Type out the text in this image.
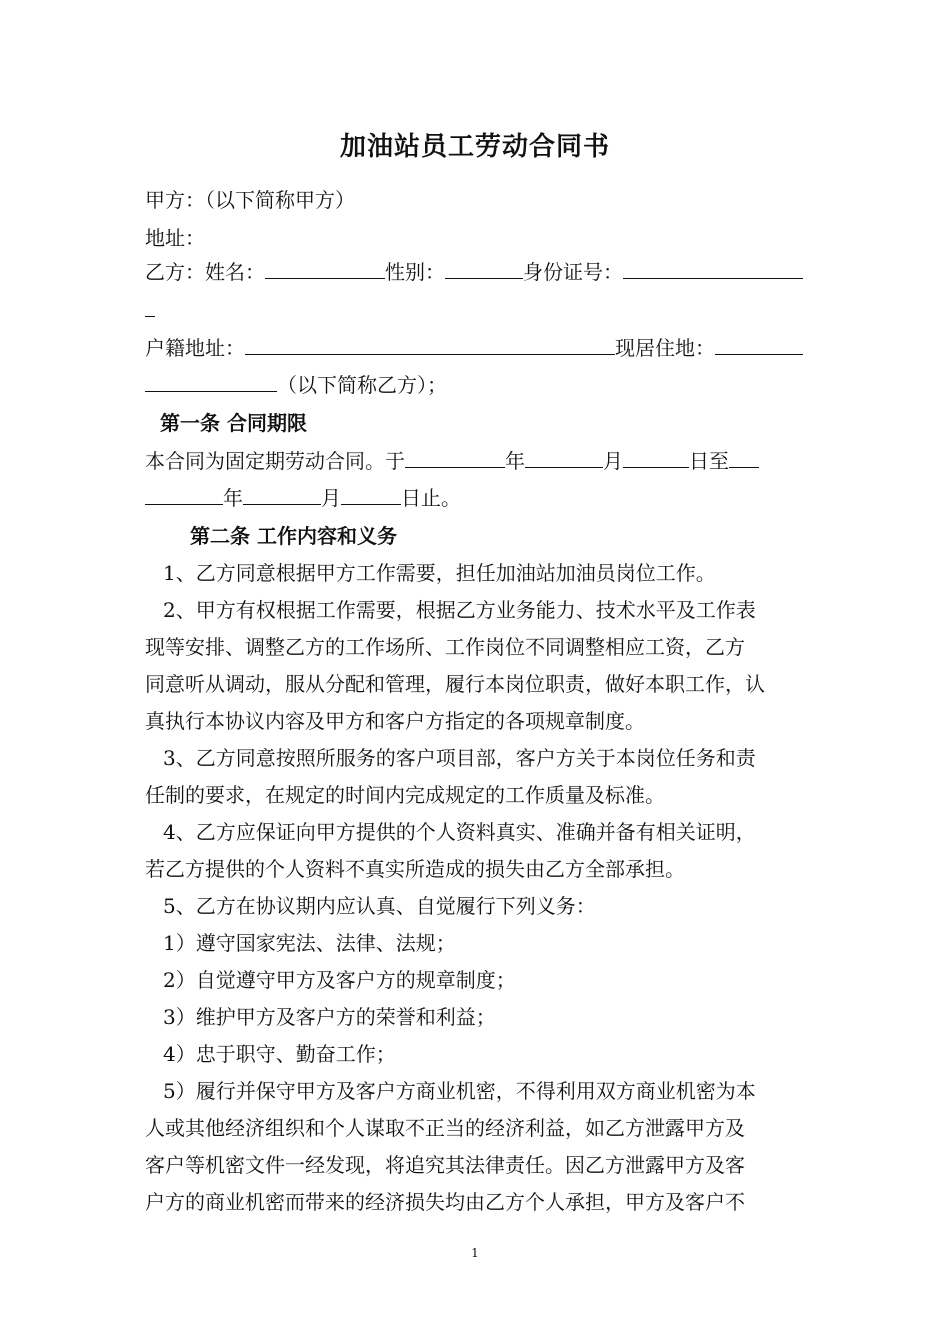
加油站员工劳动合同书
甲方：（以下简称甲方）
地址：
乙方：姓名：	性别：	身份证号：
户籍地址：	现居住地：
（以下简称乙方）；
第一条 合同期限
本合同为固定期劳动合同。于	年	月	日至
年	月	日止。
第二条 工作内容和义务
1、乙方同意根据甲方工作需要，担任加油站加油员岗位工作。
2、甲方有权根据工作需要，根据乙方业务能力、技术水平及工作表
现等安排、调整乙方的工作场所、工作岗位不同调整相应工资，乙方
同意听从调动，服从分配和管理，履行本岗位职责，做好本职工作，认
真执行本协议内容及甲方和客户方指定的各项规章制度。
3、乙方同意按照所服务的客户项目部，客户方关于本岗位任务和责
任制的要求，在规定的时间内完成规定的工作质量及标准。
4、乙方应保证向甲方提供的个人资料真实、准确并备有相关证明，
若乙方提供的个人资料不真实所造成的损失由乙方全部承担。
5、乙方在协议期内应认真、自觉履行下列义务：
1）遵守国家宪法、法律、法规；
2）自觉遵守甲方及客户方的规章制度；
3）维护甲方及客户方的荣誉和利益；
4）忠于职守、勤奋工作；
5）履行并保守甲方及客户方商业机密，不得利用双方商业机密为本
人或其他经济组织和个人谋取不正当的经济利益，如乙方泄露甲方及
客户等机密文件一经发现，将追究其法律责任。因乙方泄露甲方及客
户方的商业机密而带来的经济损失均由乙方个人承担，甲方及客户不
1
